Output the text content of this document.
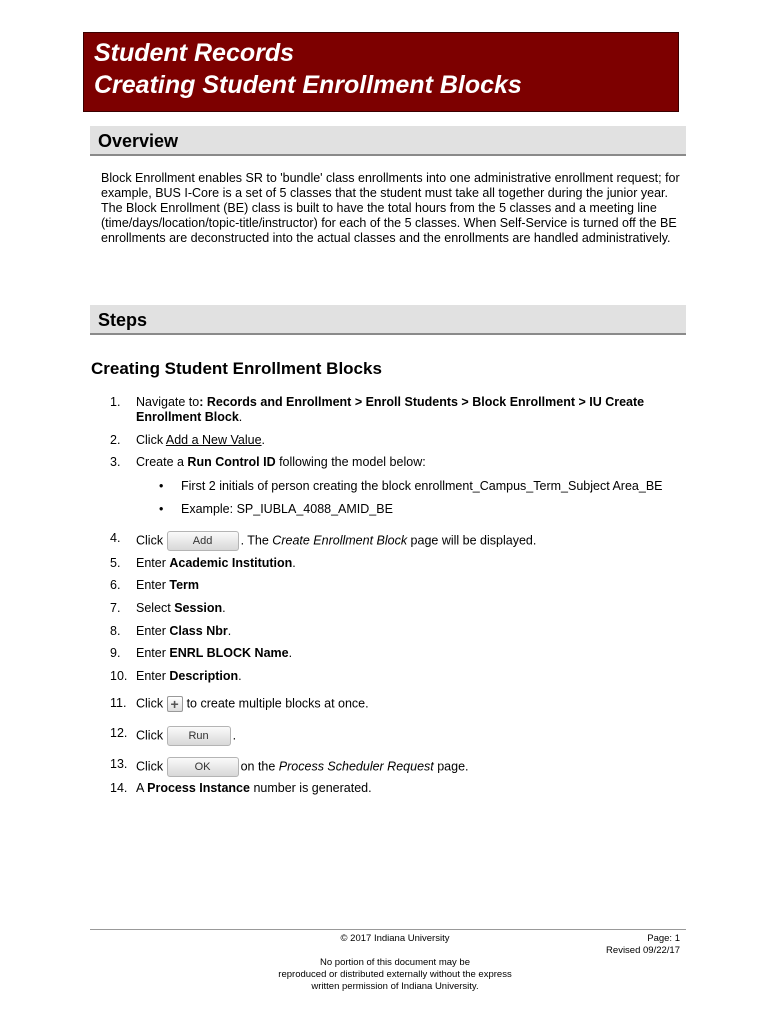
Student Records
Creating Student Enrollment Blocks
Overview
Block Enrollment enables SR to 'bundle' class enrollments into one administrative enrollment request; for example, BUS I-Core is a set of 5 classes that the student must take all together during the junior year. The Block Enrollment (BE) class is built to have the total hours from the 5 classes and a meeting line (time/days/location/topic-title/instructor) for each of the 5 classes. When Self-Service is turned off the BE enrollments are deconstructed into the actual classes and the enrollments are handled administratively.
Steps
Creating Student Enrollment Blocks
1. Navigate to: Records and Enrollment > Enroll Students > Block Enrollment > IU Create Enrollment Block.
2. Click Add a New Value.
3. Create a Run Control ID following the model below:
• First 2 initials of person creating the block enrollment_Campus_Term_Subject Area_BE
• Example: SP_IUBLA_4088_AMID_BE
4. Click Add . The Create Enrollment Block page will be displayed.
5. Enter Academic Institution.
6. Enter Term
7. Select Session.
8. Enter Class Nbr.
9. Enter ENRL BLOCK Name.
10. Enter Description.
11. Click + to create multiple blocks at once.
12. Click Run .
13. Click	OK on the Process Scheduler Request page.
14. A Process Instance number is generated.
© 2017 Indiana University
No portion of this document may be
reproduced or distributed externally without the express
written permission of Indiana University.
Page: 1
Revised 09/22/17
